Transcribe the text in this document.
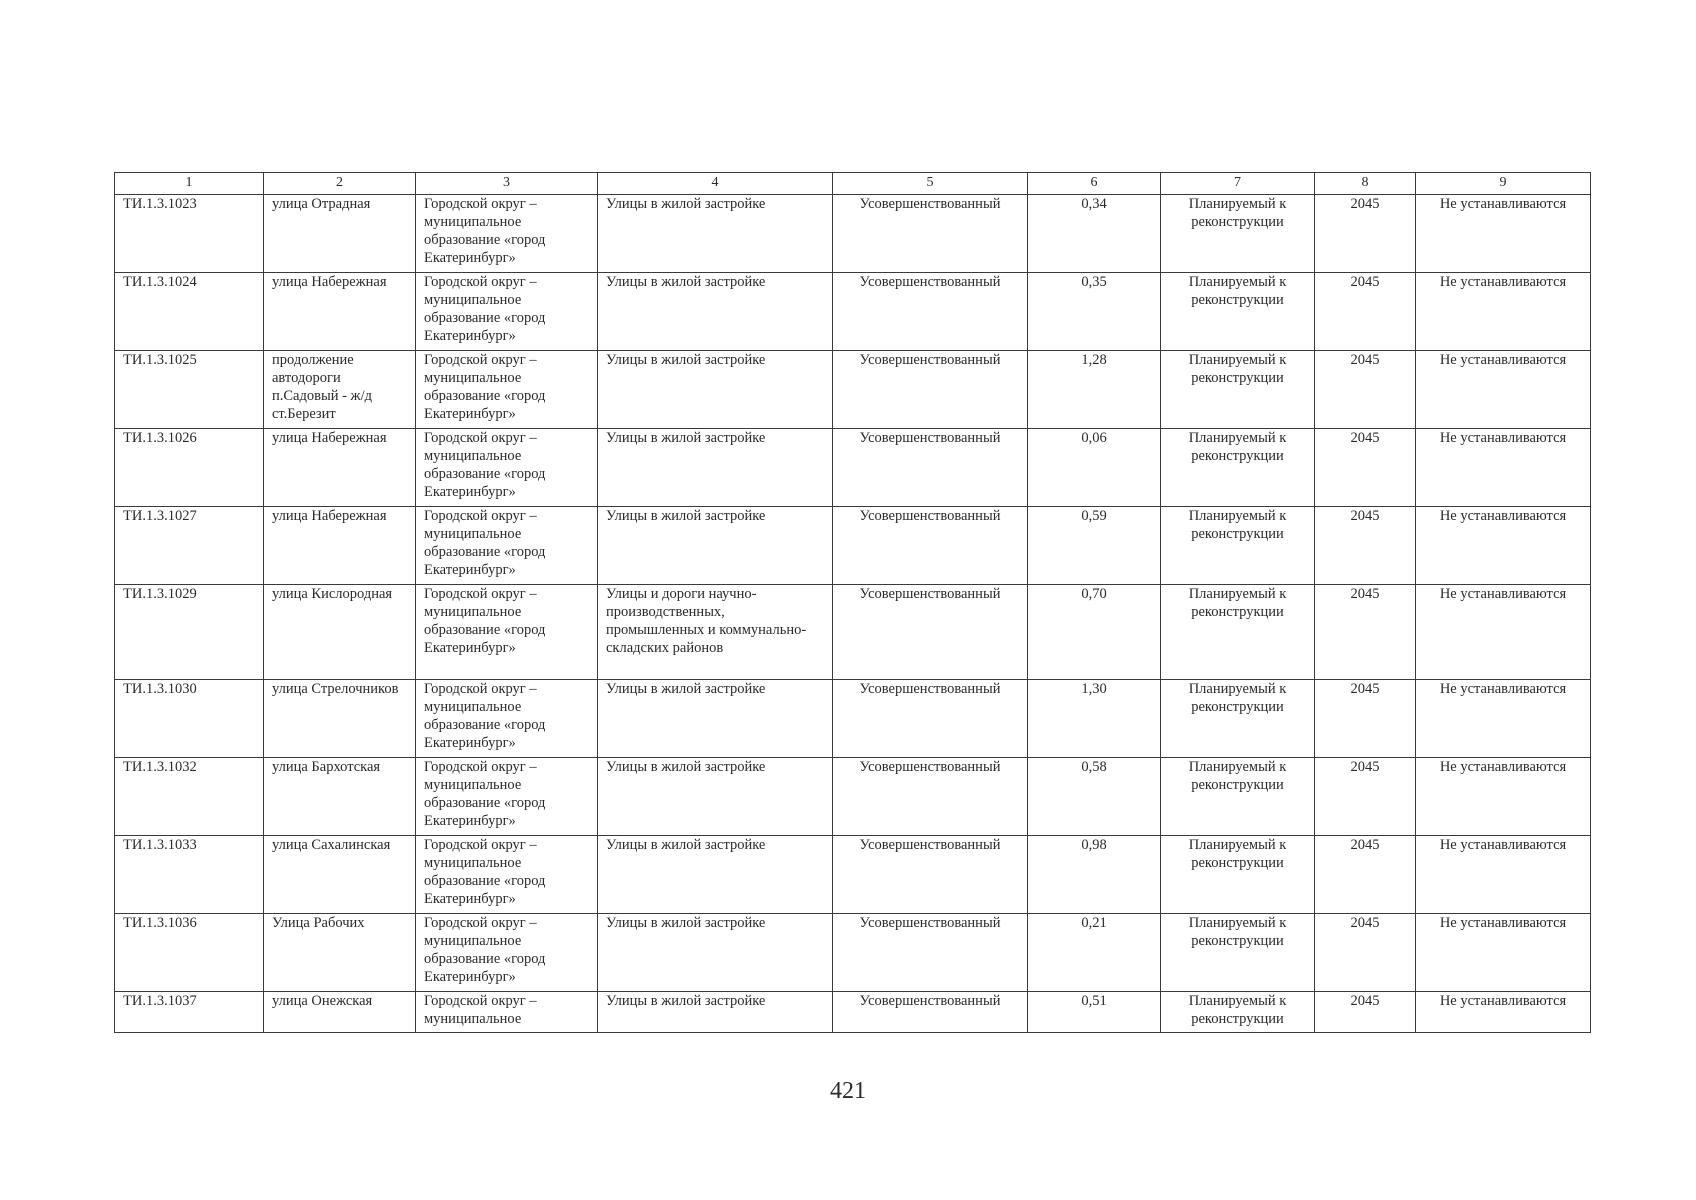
1	2	3	4	5	6	7	8	9
ТИ.1.3.1023	улица Отрадная	Городской округ – муниципальное образование «город Екатеринбург»	Улицы в жилой застройке	Усовершенствованный	0,34	Планируемый к реконструкции	2045	Не устанавливаются
ТИ.1.3.1024	улица Набережная	Городской округ – муниципальное образование «город Екатеринбург»	Улицы в жилой застройке	Усовершенствованный	0,35	Планируемый к реконструкции	2045	Не устанавливаются
ТИ.1.3.1025	продолжение автодороги п.Садовый - ж/д ст.Березит	Городской округ – муниципальное образование «город Екатеринбург»	Улицы в жилой застройке	Усовершенствованный	1,28	Планируемый к реконструкции	2045	Не устанавливаются
ТИ.1.3.1026	улица Набережная	Городской округ – муниципальное образование «город Екатеринбург»	Улицы в жилой застройке	Усовершенствованный	0,06	Планируемый к реконструкции	2045	Не устанавливаются
ТИ.1.3.1027	улица Набережная	Городской округ – муниципальное образование «город Екатеринбург»	Улицы в жилой застройке	Усовершенствованный	0,59	Планируемый к реконструкции	2045	Не устанавливаются
ТИ.1.3.1029	улица Кислородная	Городской округ – муниципальное образование «город Екатеринбург»	Улицы и дороги научно-производственных, промышленных и коммунально-складских районов	Усовершенствованный	0,70	Планируемый к реконструкции	2045	Не устанавливаются
ТИ.1.3.1030	улица Стрелочников	Городской округ – муниципальное образование «город Екатеринбург»	Улицы в жилой застройке	Усовершенствованный	1,30	Планируемый к реконструкции	2045	Не устанавливаются
ТИ.1.3.1032	улица Бархотская	Городской округ – муниципальное образование «город Екатеринбург»	Улицы в жилой застройке	Усовершенствованный	0,58	Планируемый к реконструкции	2045	Не устанавливаются
ТИ.1.3.1033	улица Сахалинская	Городской округ – муниципальное образование «город Екатеринбург»	Улицы в жилой застройке	Усовершенствованный	0,98	Планируемый к реконструкции	2045	Не устанавливаются
ТИ.1.3.1036	Улица Рабочих	Городской округ – муниципальное образование «город Екатеринбург»	Улицы в жилой застройке	Усовершенствованный	0,21	Планируемый к реконструкции	2045	Не устанавливаются
ТИ.1.3.1037	улица Онежская	Городской округ – муниципальное	Улицы в жилой застройке	Усовершенствованный	0,51	Планируемый к реконструкции	2045	Не устанавливаются
421
